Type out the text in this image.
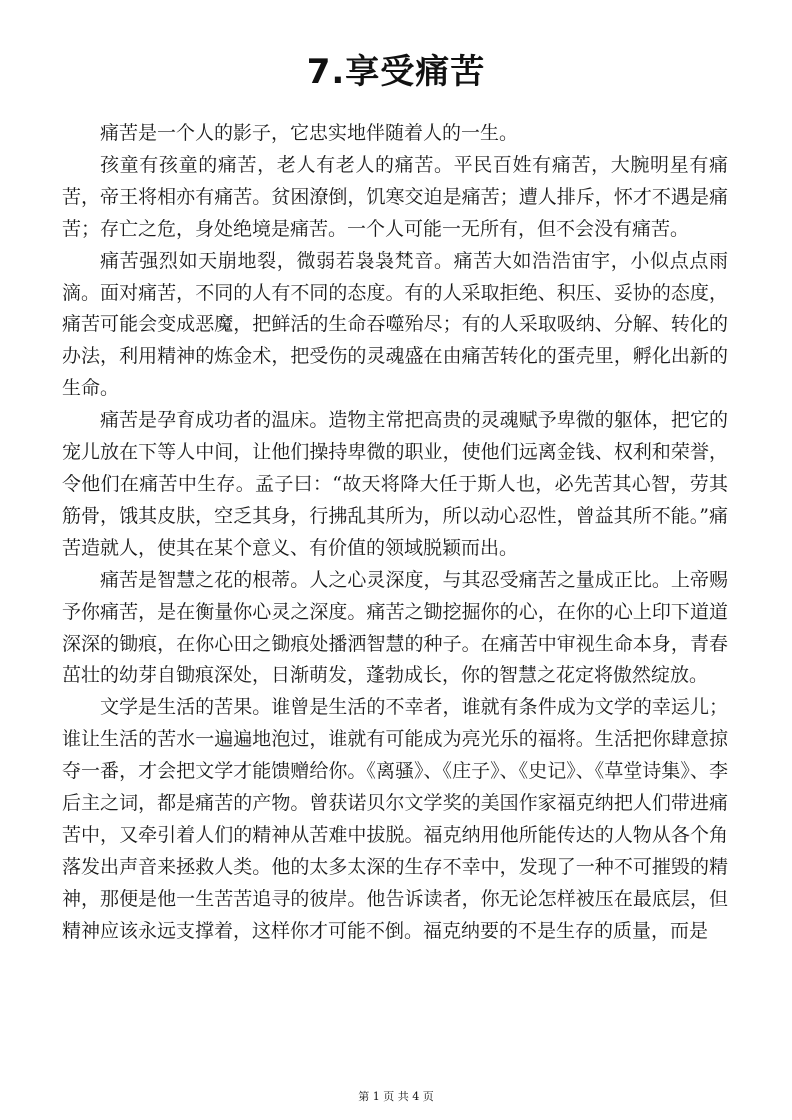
7.享受痛苦

痛苦是一个人的影子，它忠实地伴随着人的一生。

孩童有孩童的痛苦，老人有老人的痛苦。平民百姓有痛苦，大腕明星有痛苦，帝王将相亦有痛苦。贫困潦倒，饥寒交迫是痛苦；遭人排斥，怀才不遇是痛苦；存亡之危，身处绝境是痛苦。一个人可能一无所有，但不会没有痛苦。

痛苦强烈如天崩地裂，微弱若袅袅梵音。痛苦大如浩浩宙宇，小似点点雨滴。面对痛苦，不同的人有不同的态度。有的人采取拒绝、积压、妥协的态度，痛苦可能会变成恶魔，把鲜活的生命吞噬殆尽；有的人采取吸纳、分解、转化的办法，利用精神的炼金术，把受伤的灵魂盛在由痛苦转化的蛋壳里，孵化出新的生命。

痛苦是孕育成功者的温床。造物主常把高贵的灵魂赋予卑微的躯体，把它的宠儿放在下等人中间，让他们操持卑微的职业，使他们远离金钱、权利和荣誉，令他们在痛苦中生存。孟子曰：“故天将降大任于斯人也，必先苦其心智，劳其筋骨，饿其皮肤，空乏其身，行拂乱其所为，所以动心忍性，曾益其所不能。”痛苦造就人，使其在某个意义、有价值的领域脱颖而出。

痛苦是智慧之花的根蒂。人之心灵深度，与其忍受痛苦之量成正比。上帝赐予你痛苦，是在衡量你心灵之深度。痛苦之锄挖掘你的心，在你的心上印下道道深深的锄痕，在你心田之锄痕处播洒智慧的种子。在痛苦中审视生命本身，青春茁壮的幼芽自锄痕深处，日渐萌发，蓬勃成长，你的智慧之花定将傲然绽放。

文学是生活的苦果。谁曾是生活的不幸者，谁就有条件成为文学的幸运儿；谁让生活的苦水一遍遍地泡过，谁就有可能成为亮光乐的福将。生活把你肆意掠夺一番，才会把文学才能馈赠给你。《离骚》、《庄子》、《史记》、《草堂诗集》、李后主之词，都是痛苦的产物。曾获诺贝尔文学奖的美国作家福克纳把人们带进痛苦中，又牵引着人们的精神从苦难中拔脱。福克纳用他所能传达的人物从各个角落发出声音来拯救人类。他的太多太深的生存不幸中，发现了一种不可摧毁的精神，那便是他一生苦苦追寻的彼岸。他告诉读者，你无论怎样被压在最底层，但精神应该永远支撑着，这样你才可能不倒。福克纳要的不是生存的质量，而是

第 1 页 共 4 页
